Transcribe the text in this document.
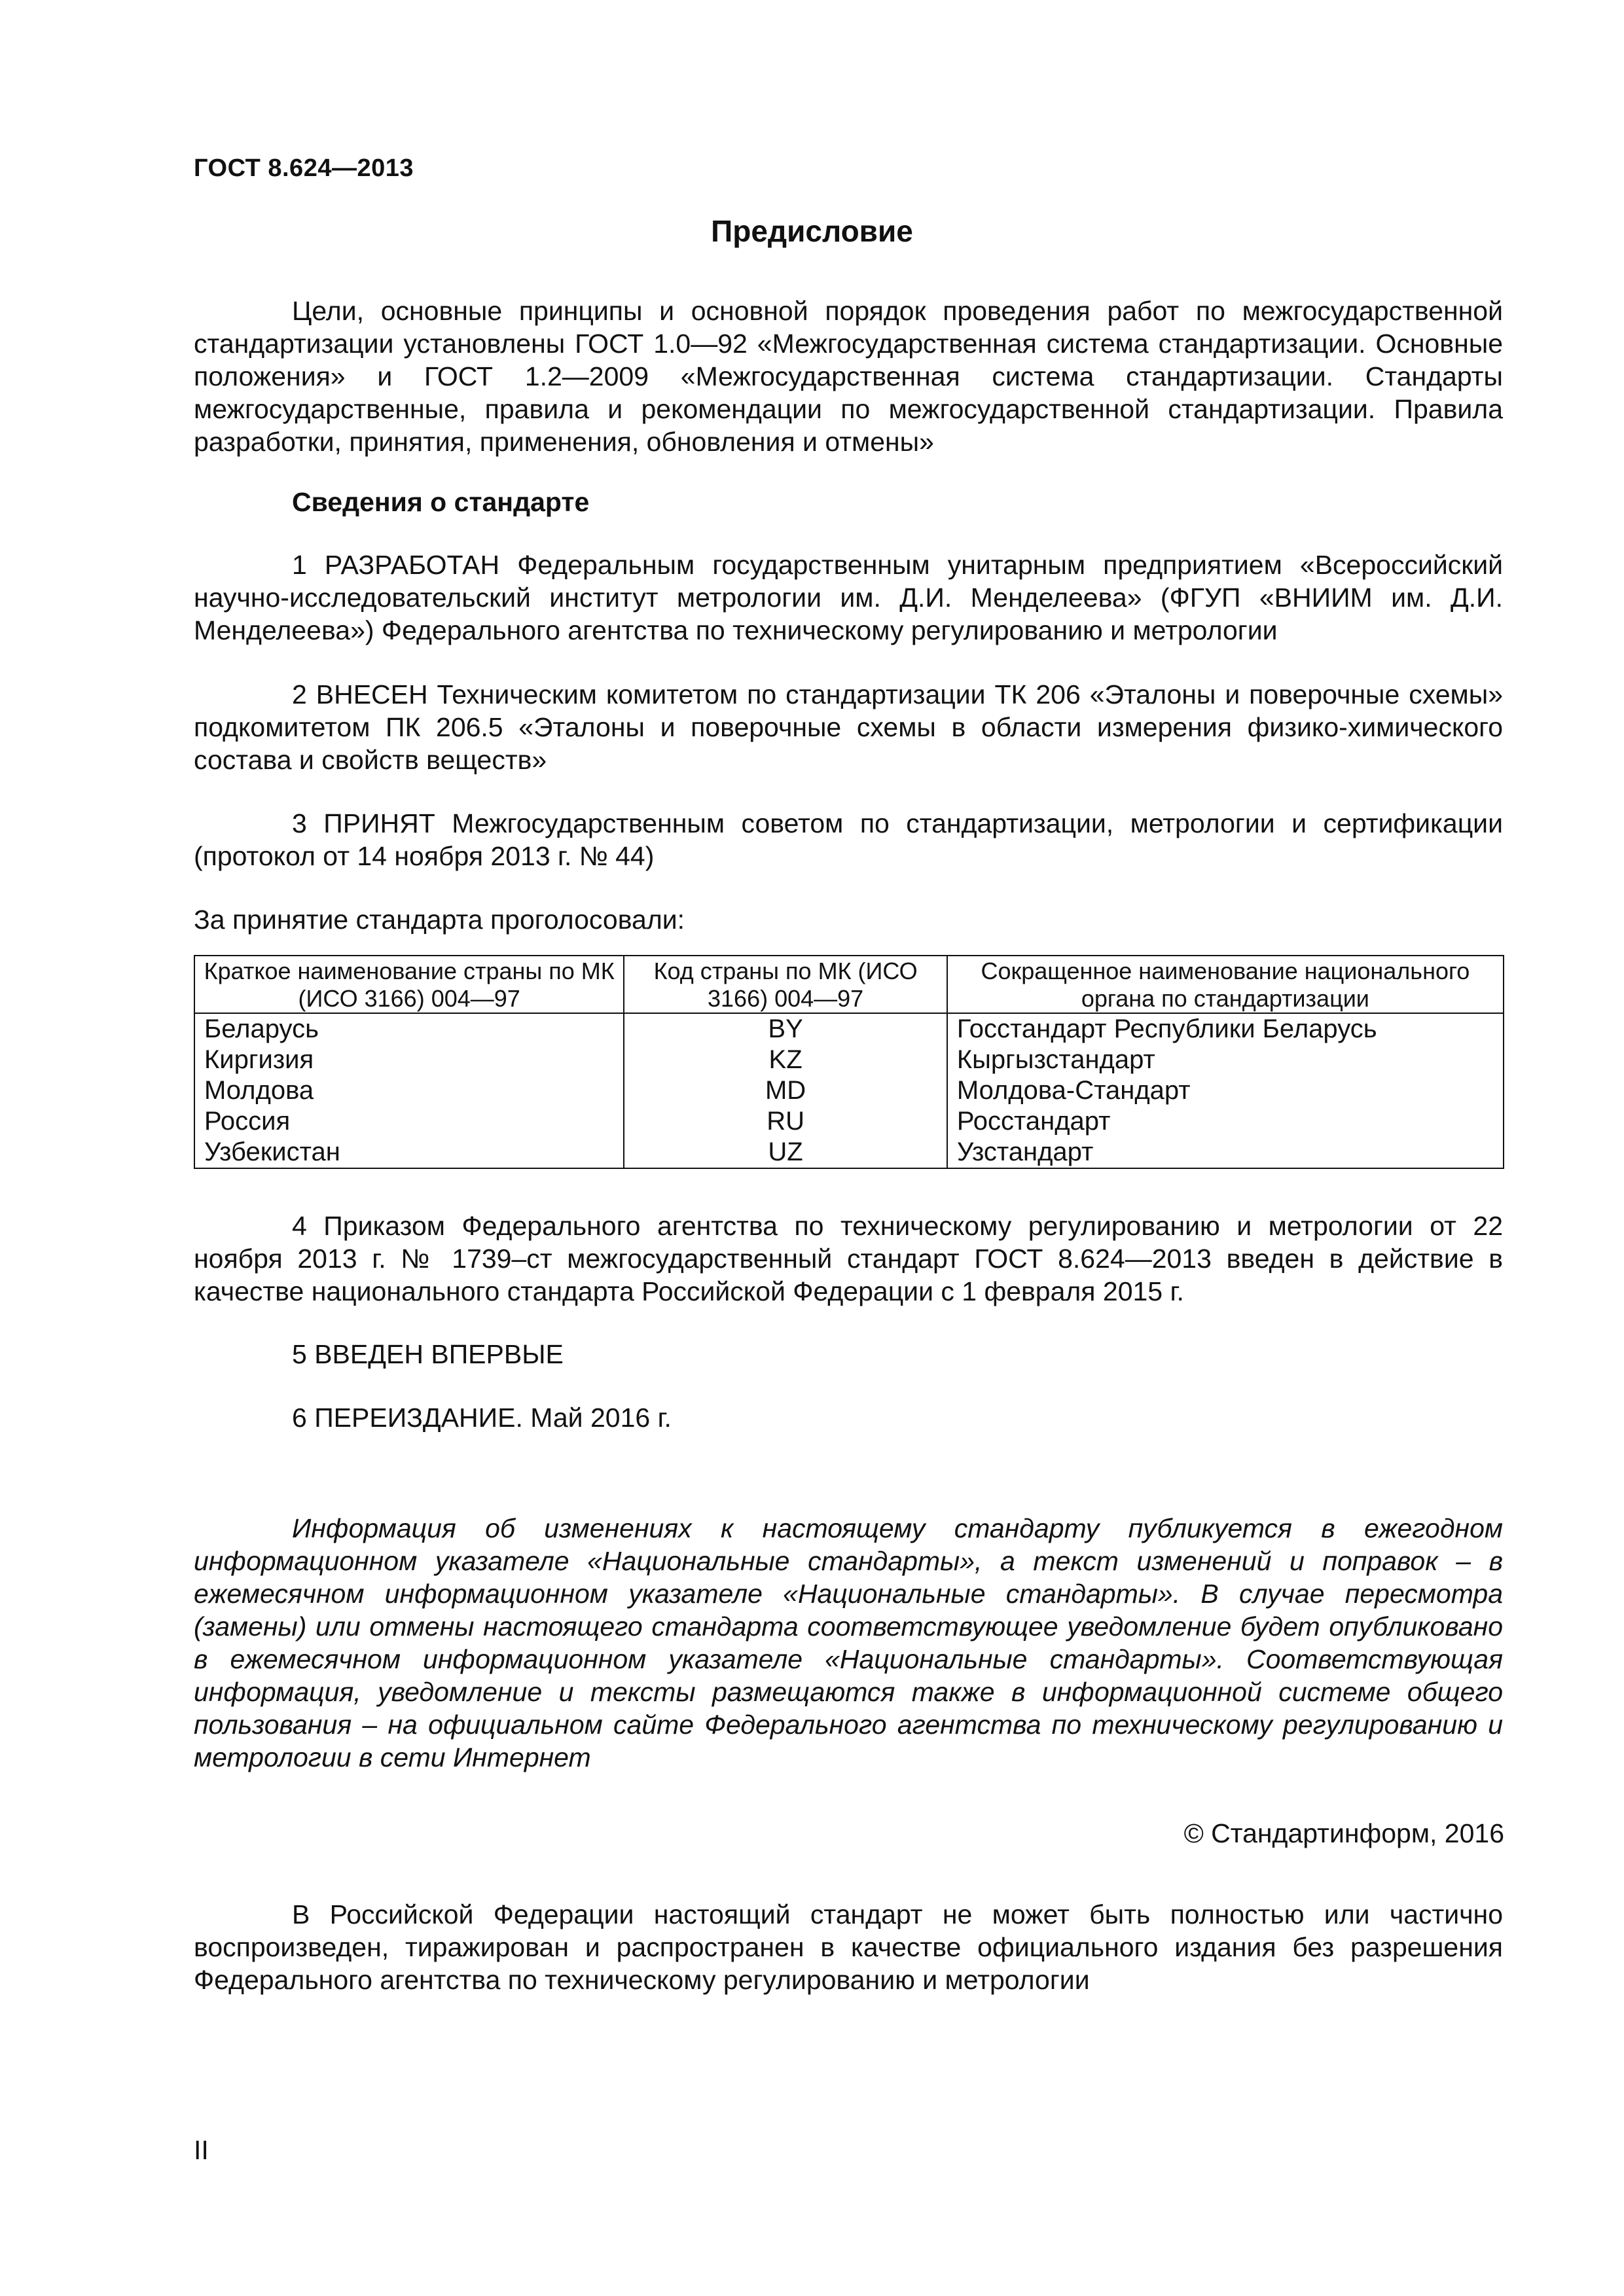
ГОСТ 8.624—2013
Предисловие

Цели, основные принципы и основной порядок проведения работ по межгосударственной стандартизации установлены ГОСТ 1.0—92 «Межгосударственная система стандартизации. Основные положения» и ГОСТ 1.2—2009 «Межгосударственная система стандартизации. Стандарты межгосударственные, правила и рекомендации по межгосударственной стандартизации. Правила разработки, принятия, применения, обновления и отмены»

Сведения о стандарте

1 РАЗРАБОТАН Федеральным государственным унитарным предприятием «Всероссийский научно-исследовательский институт метрологии им. Д.И. Менделеева» (ФГУП «ВНИИМ им. Д.И. Менделеева») Федерального агентства по техническому регулированию и метрологии

2 ВНЕСЕН Техническим комитетом по стандартизации ТК 206 «Эталоны и поверочные схемы» подкомитетом ПК 206.5 «Эталоны и поверочные схемы в области измерения физико-химического состава и свойств веществ»

3 ПРИНЯТ Межгосударственным советом по стандартизации, метрологии и сертификации (протокол от 14 ноября 2013 г. № 44)

За принятие стандарта проголосовали:

Краткое наименование страны по МК (ИСО 3166) 004—97	Код страны по МК (ИСО 3166) 004—97	Сокращенное наименование национального органа по стандартизации
Беларусь	BY	Госстандарт Республики Беларусь
Киргизия	KZ	Кыргызстандарт
Молдова	MD	Молдова-Стандарт
Россия	RU	Росстандарт
Узбекистан	UZ	Узстандарт

4 Приказом Федерального агентства по техническому регулированию и метрологии от 22 ноября 2013 г. № 1739–ст межгосударственный стандарт ГОСТ 8.624—2013 введен в действие в качестве национального стандарта Российской Федерации с 1 февраля 2015 г.

5 ВВЕДЕН ВПЕРВЫЕ

6 ПЕРЕИЗДАНИЕ. Май 2016 г.

Информация об изменениях к настоящему стандарту публикуется в ежегодном информационном указателе «Национальные стандарты», а текст изменений и поправок – в ежемесячном информационном указателе «Национальные стандарты». В случае пересмотра (замены) или отмены настоящего стандарта соответствующее уведомление будет опубликовано в ежемесячном информационном указателе «Национальные стандарты». Соответствующая информация, уведомление и тексты размещаются также в информационной системе общего пользования – на официальном сайте Федерального агентства по техническому регулированию и метрологии в сети Интернет

© Стандартинформ, 2016

В Российской Федерации настоящий стандарт не может быть полностью или частично воспроизведен, тиражирован и распространен в качестве официального издания без разрешения Федерального агентства по техническому регулированию и метрологии

II
